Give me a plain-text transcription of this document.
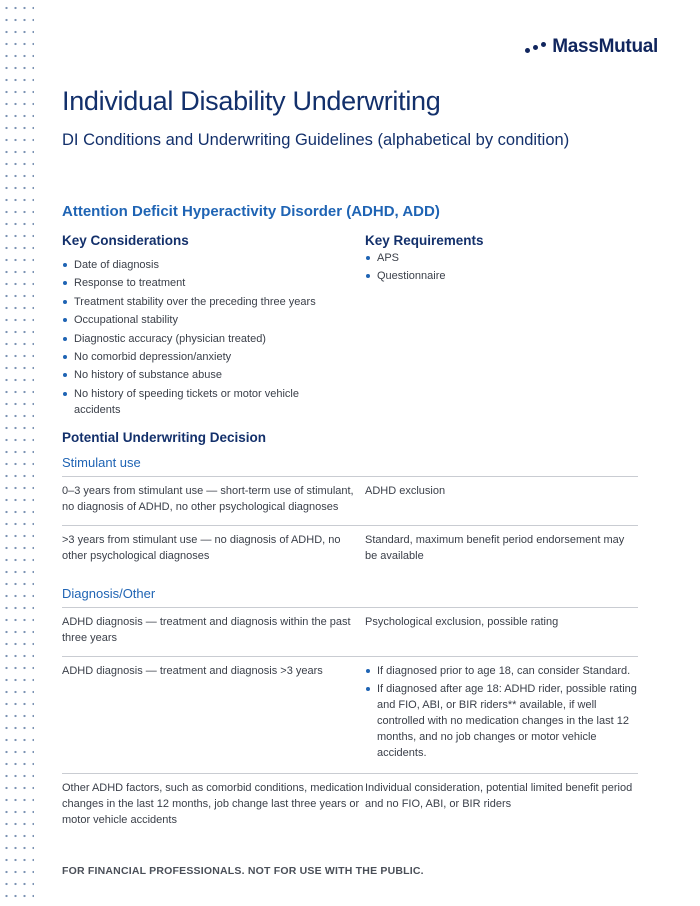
MassMutual
Individual Disability Underwriting

DI Conditions and Underwriting Guidelines (alphabetical by condition)

Attention Deficit Hyperactivity Disorder (ADHD, ADD)

Key Considerations

Date of diagnosis
Response to treatment
Treatment stability over the preceding three years
Occupational stability
Diagnostic accuracy (physician treated)
No comorbid depression/anxiety
No history of substance abuse
No history of speeding tickets or motor vehicle accidents

Key Requirements

APS
Questionnaire

Potential Underwriting Decision

Stimulant use

0–3 years from stimulant use — short-term use of stimulant, no diagnosis of ADHD, no other psychological diagnoses
ADHD exclusion
>3 years from stimulant use — no diagnosis of ADHD, no other psychological diagnoses
Standard, maximum benefit period endorsement may be available

Diagnosis/Other

ADHD diagnosis — treatment and diagnosis within the past three years
Psychological exclusion, possible rating
ADHD diagnosis — treatment and diagnosis >3 years	If diagnosed prior to age 18, can consider Standard.
If diagnosed after age 18: ADHD rider, possible rating and FIO, ABI, or BIR riders** available, if well controlled with no medication changes in the last 12 months, and no job changes or motor vehicle accidents.
Other ADHD factors, such as comorbid conditions, medication changes in the last 12 months, job change last three years or motor vehicle accidents
Individual consideration, potential limited benefit period and no FIO, ABI, or BIR riders

FOR FINANCIAL PROFESSIONALS. NOT FOR USE WITH THE PUBLIC.
